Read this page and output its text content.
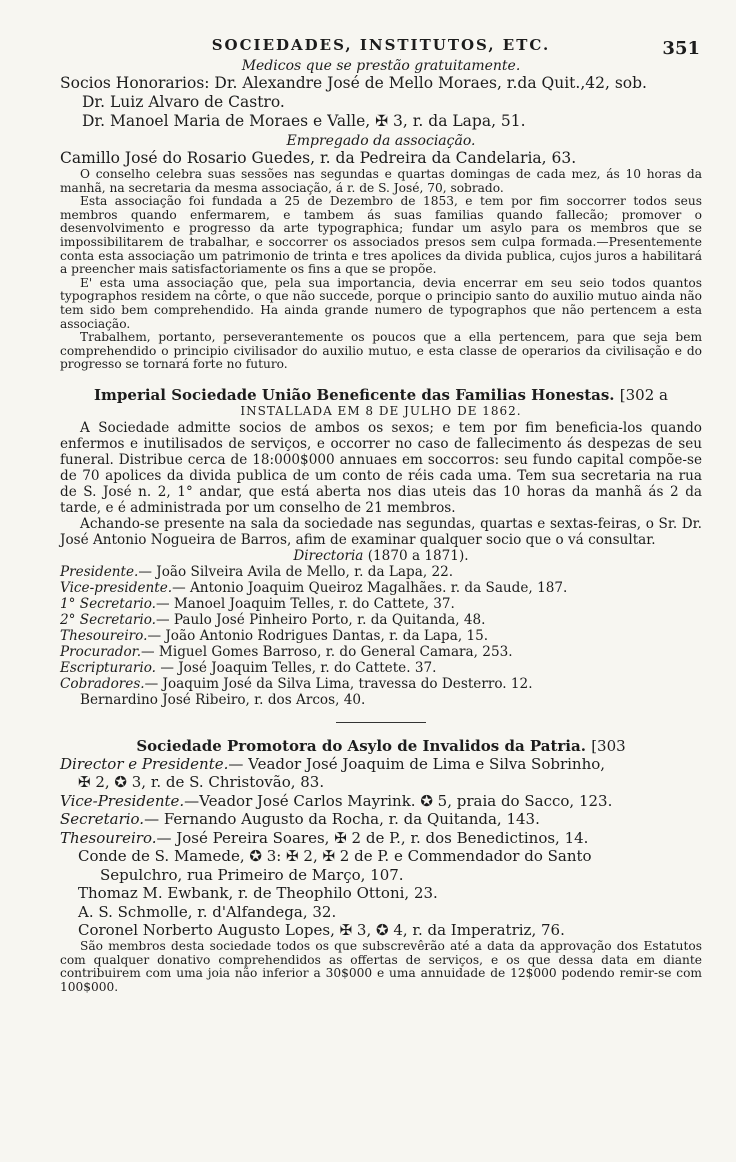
SOCIEDADES, INSTITUTOS, ETC.	351

Medicos que se prestão gratuitamente.

Socios Honorarios: Dr. Alexandre José de Mello Moraes, r.da Quit.,42, sob.

Dr. Luiz Alvaro de Castro.

Dr. Manoel Maria de Moraes e Valle, ✠ 3, r. da Lapa, 51.

Empregado da associação.

Camillo José do Rosario Guedes, r. da Pedreira da Candelaria, 63.

O conselho celebra suas sessões nas segundas e quartas domingas de cada mez, ás 10 horas da manhã, na secretaria da mesma associação, á r. de S. José, 70, sobrado.

Esta associação foi fundada a 25 de Dezembro de 1853, e tem por fim soccorrer todos seus membros quando enfermarem, e tambem ás suas familias quando fallecão; promover o desenvolvimento e progresso da arte typographica; fundar um asylo para os membros que se impossibilitarem de trabalhar, e soccorrer os associados presos sem culpa formada.—Presentemente conta esta associação um patrimonio de trinta e tres apolices da divida publica, cujos juros a habilitará a preencher mais satisfactoriamente os fins a que se propõe.

E' esta uma associação que, pela sua importancia, devia encerrar em seu seio todos quantos typographos residem na côrte, o que não succede, porque o principio santo do auxilio mutuo ainda não tem sido bem comprehendido. Ha ainda grande numero de typographos que não pertencem a esta associação.

Trabalhem, portanto, perseverantemente os poucos que a ella pertencem, para que seja bem comprehendido o principio civilisador do auxilio mutuo, e esta classe de operarios da civilisação e do progresso se tornará forte no futuro.

Imperial Sociedade União Beneficente das Familias Honestas. [302 a

INSTALLADA EM 8 DE JULHO DE 1862.

A Sociedade admitte socios de ambos os sexos; e tem por fim beneficia-los quando enfermos e inutilisados de serviços, e occorrer no caso de fallecimento ás despezas de seu funeral. Distribue cerca de 18:000$000 annuaes em soccorros: seu fundo capital compõe-se de 70 apolices da divida publica de um conto de réis cada uma. Tem sua secretaria na rua de S. José n. 2, 1° andar, que está aberta nos dias uteis das 10 horas da manhã ás 2 da tarde, e é administrada por um conselho de 21 membros.

Achando-se presente na sala da sociedade nas segundas, quartas e sextas-feiras, o Sr. Dr. José Antonio Nogueira de Barros, afim de examinar qualquer socio que o vá consultar.

Directoria (1870 a 1871).

Presidente.— João Silveira Avila de Mello, r. da Lapa, 22.

Vice-presidente.— Antonio Joaquim Queiroz Magalhães. r. da Saude, 187.

1° Secretario.— Manoel Joaquim Telles, r. do Cattete, 37.

2° Secretario.— Paulo José Pinheiro Porto, r. da Quitanda, 48.

Thesoureiro.— João Antonio Rodrigues Dantas, r. da Lapa, 15.

Procurador.— Miguel Gomes Barroso, r. do General Camara, 253.

Escripturario. — José Joaquim Telles, r. do Cattete. 37.

Cobradores.— Joaquim José da Silva Lima, travessa do Desterro. 12.

Bernardino José Ribeiro, r. dos Arcos, 40.

Sociedade Promotora do Asylo de Invalidos da Patria. [303

Director e Presidente.— Veador José Joaquim de Lima e Silva Sobrinho,

✠ 2, ✪ 3, r. de S. Christovão, 83.

Vice-Presidente.—Veador José Carlos Mayrink. ✪ 5, praia do Sacco, 123.

Secretario.— Fernando Augusto da Rocha, r. da Quitanda, 143.

Thesoureiro.— José Pereira Soares, ✠ 2 de P., r. dos Benedictinos, 14.

Conde de S. Mamede, ✪ 3: ✠ 2, ✠ 2 de P. e Commendador do Santo

Sepulchro, rua Primeiro de Março, 107.

Thomaz M. Ewbank, r. de Theophilo Ottoni, 23.

A. S. Schmolle, r. d'Alfandega, 32.

Coronel Norberto Augusto Lopes, ✠ 3, ✪ 4, r. da Imperatriz, 76.

São membros desta sociedade todos os que subscrevêrão até a data da approvação dos Estatutos com qualquer donativo comprehendidos as offertas de serviços, e os que dessa data em diante contribuirem com uma joia não inferior a 30$000 e uma annuidade de 12$000 podendo remir-se com 100$000.
